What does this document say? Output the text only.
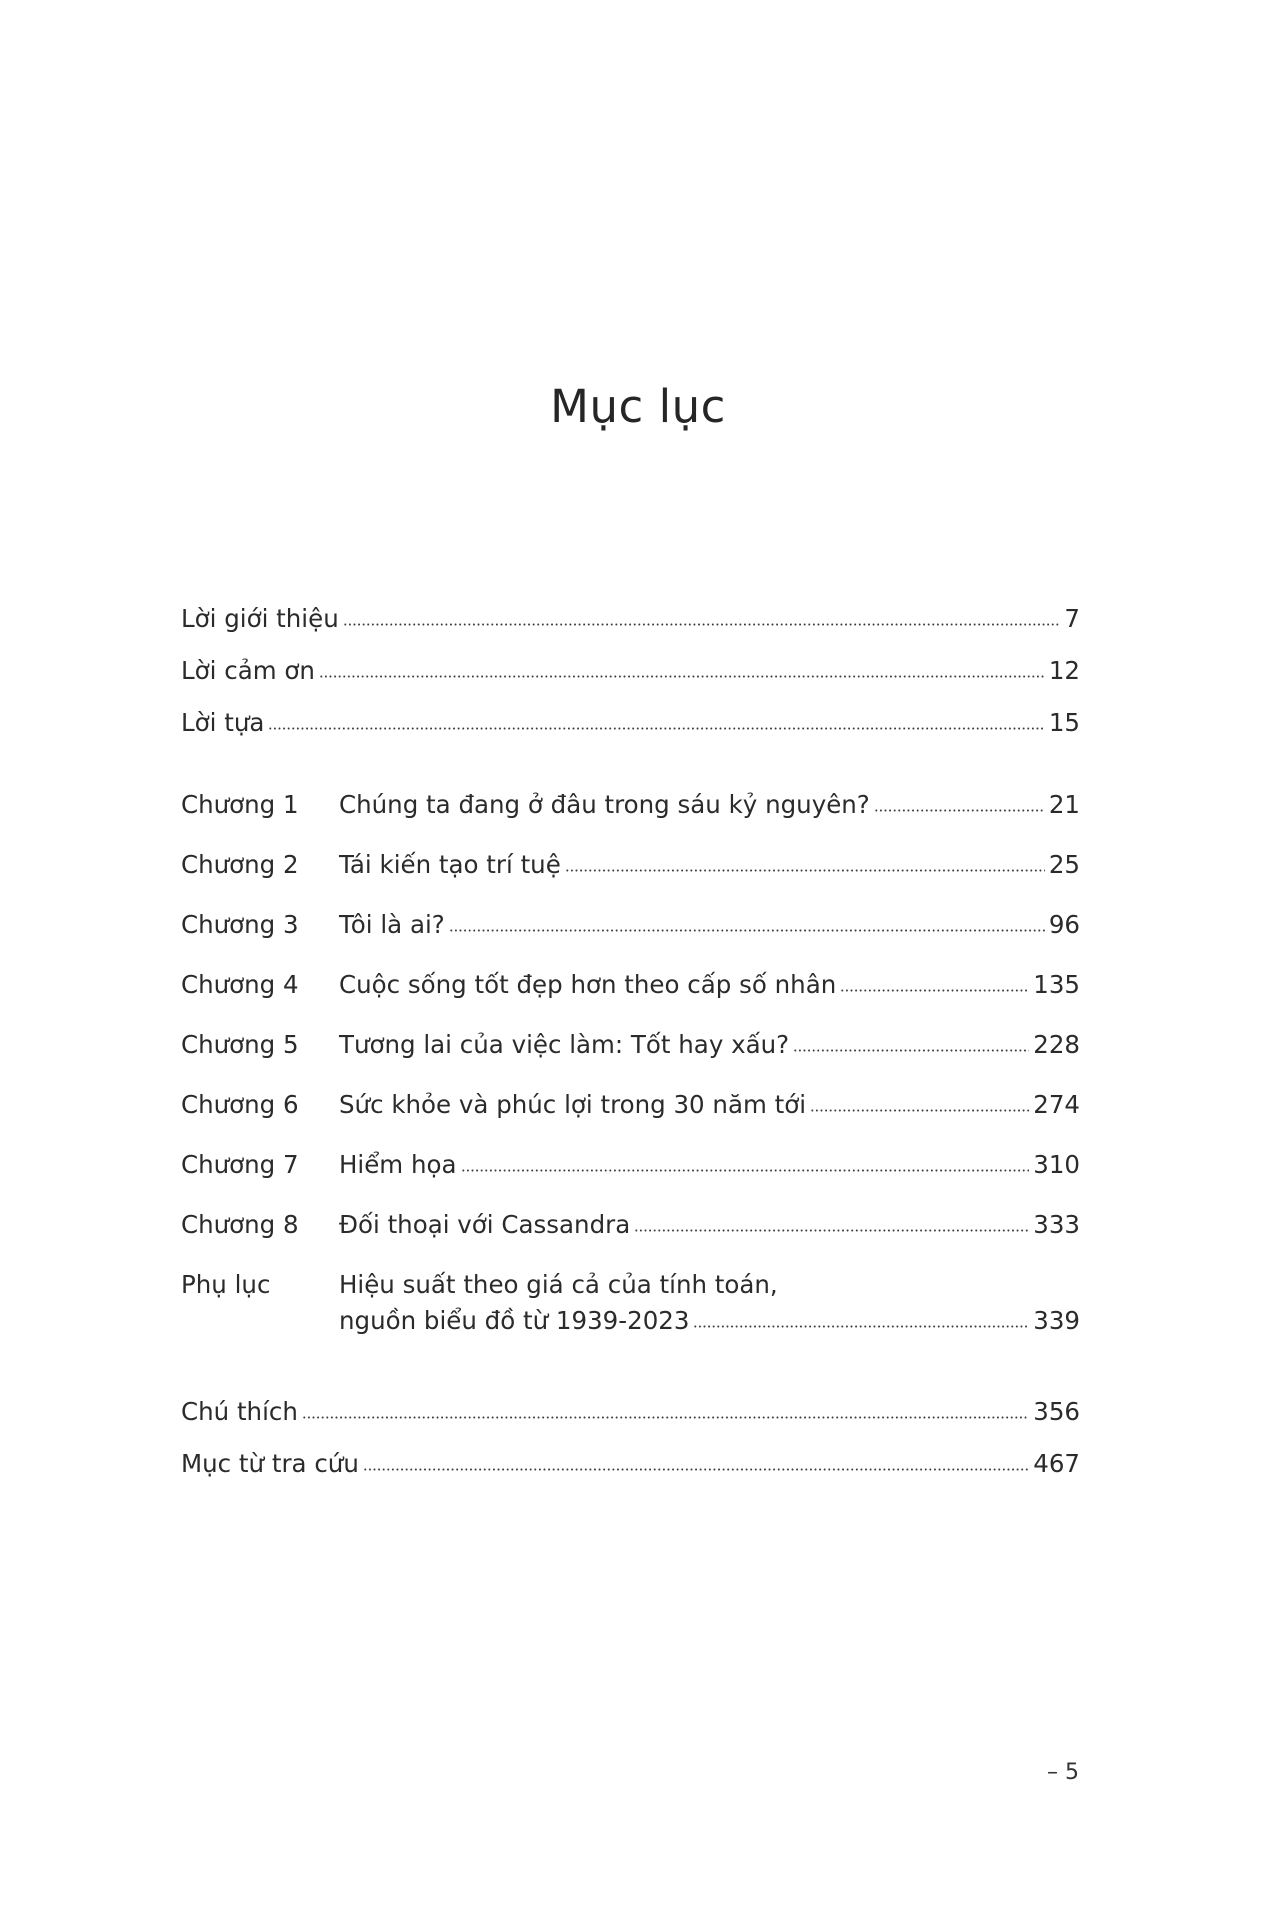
Mục lục
Lời giới thiệu	7
Lời cảm ơn	12
Lời tựa	15
Chương 1	Chúng ta đang ở đâu trong sáu kỷ nguyên?	21
Chương 2	Tái kiến tạo trí tuệ	25
Chương 3	Tôi là ai?	96
Chương 4	Cuộc sống tốt đẹp hơn theo cấp số nhân	135
Chương 5	Tương lai của việc làm: Tốt hay xấu?	228
Chương 6	Sức khỏe và phúc lợi trong 30 năm tới	274
Chương 7	Hiểm họa	310
Chương 8	Đối thoại với Cassandra	333
Phụ lục	Hiệu suất theo giá cả của tính toán,
nguồn biểu đồ từ 1939-2023	339
Chú thích	356
Mục từ tra cứu	467
– 5
